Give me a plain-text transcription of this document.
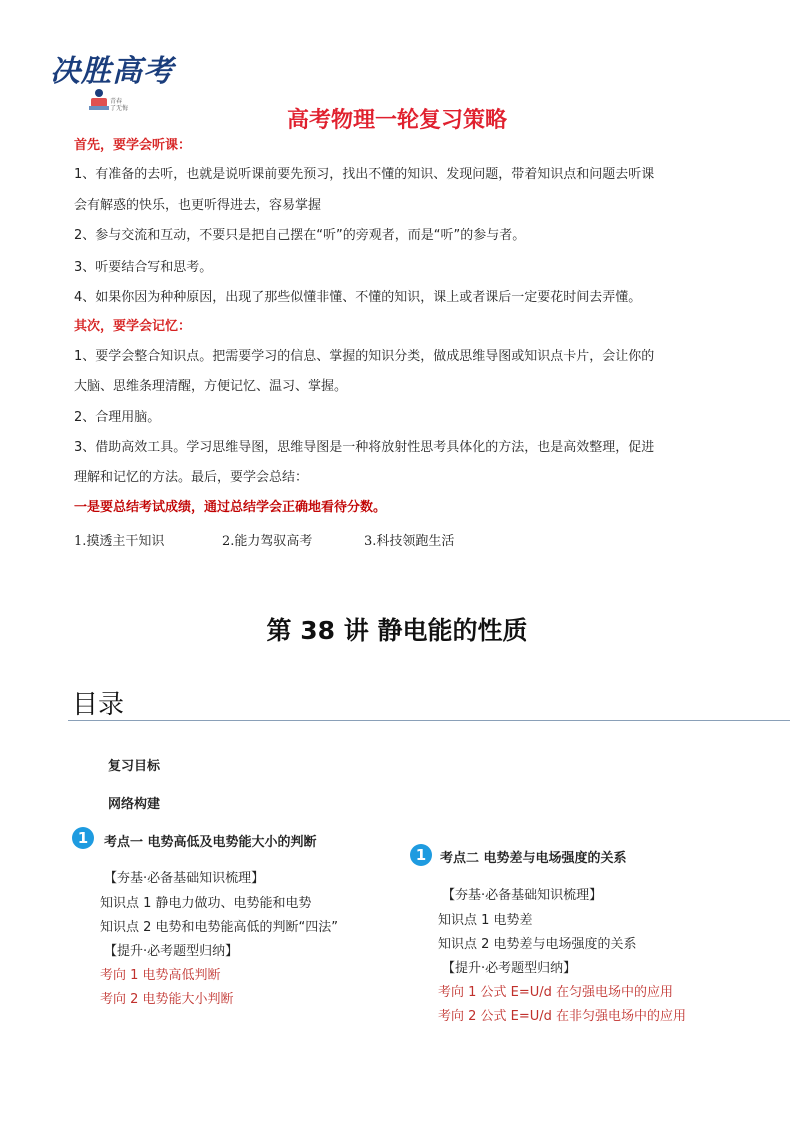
决胜高考
青春
了无悔	高考物理一轮复习策略
首先，要学会听课：
1、有准备的去听，也就是说听课前要先预习，找出不懂的知识、发现问题，带着知识点和问题去听课
会有解惑的快乐，也更听得进去，容易掌握
2、参与交流和互动，不要只是把自己摆在“听”的旁观者，而是“听”的参与者。
3、听要结合写和思考。
4、如果你因为种种原因，出现了那些似懂非懂、不懂的知识，课上或者课后一定要花时间去弄懂。
其次，要学会记忆：
1、要学会整合知识点。把需要学习的信息、掌握的知识分类，做成思维导图或知识点卡片，会让你的
大脑、思维条理清醒，方便记忆、温习、掌握。
2、合理用脑。
3、借助高效工具。学习思维导图，思维导图是一种将放射性思考具体化的方法，也是高效整理，促进
理解和记忆的方法。最后，要学会总结：
一是要总结考试成绩，通过总结学会正确地看待分数。
1.摸透主干知识	2.能力驾驭高考	3.科技领跑生活
第 38 讲 静电能的性质
目录
复习目标
网络构建
1	考点一 电势高低及电势能大小的判断
【夯基·必备基础知识梳理】
知识点 1 静电力做功、电势能和电势
知识点 2 电势和电势能高低的判断“四法”
【提升·必考题型归纳】
考向 1 电势高低判断
考向 2 电势能大小判断
1	考点二 电势差与电场强度的关系
【夯基·必备基础知识梳理】
知识点 1 电势差
知识点 2 电势差与电场强度的关系
【提升·必考题型归纳】
考向 1 公式 E=U/d 在匀强电场中的应用
考向 2 公式 E=U/d 在非匀强电场中的应用
